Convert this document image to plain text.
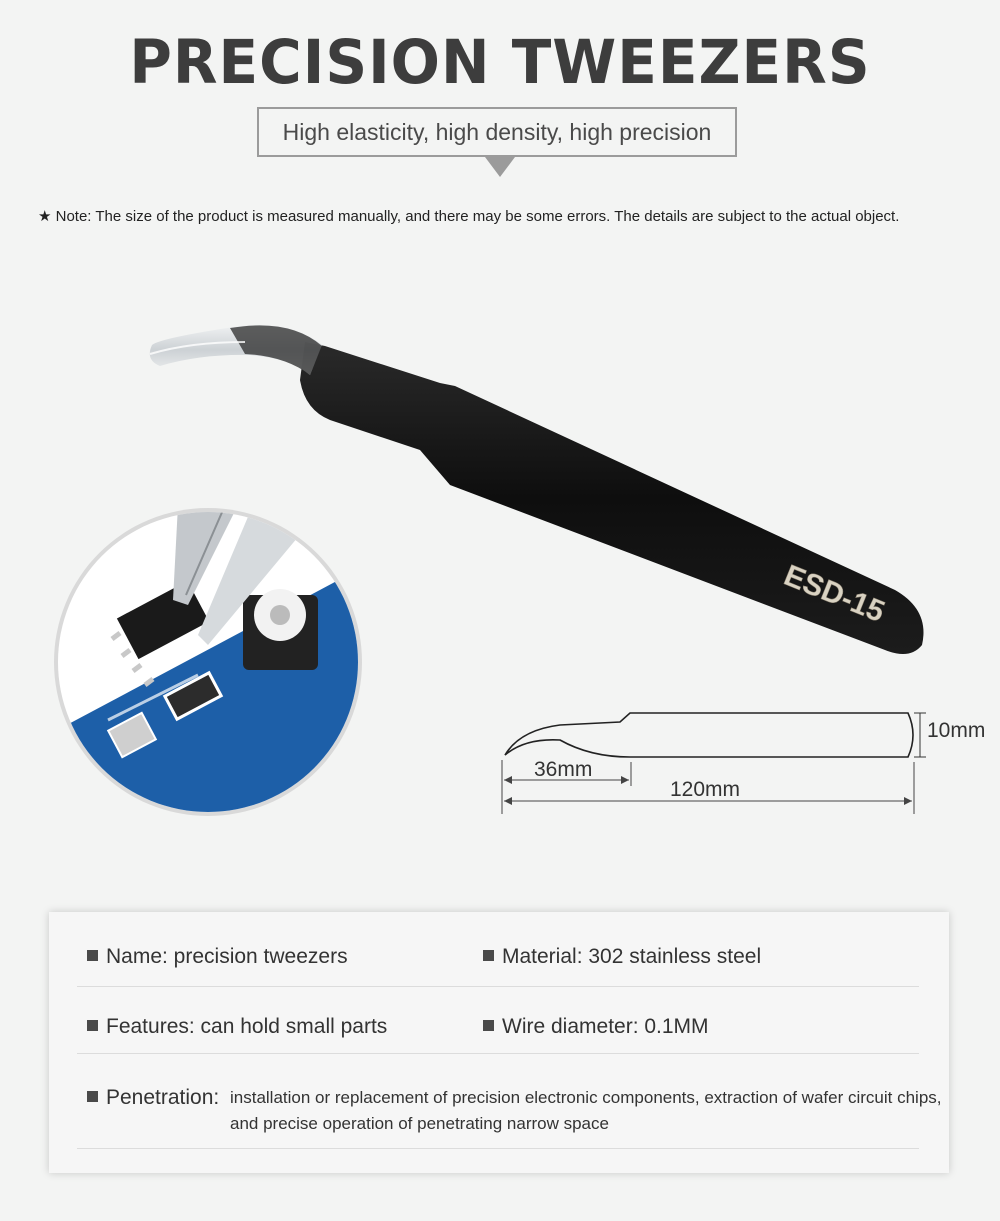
PRECISION TWEEZERS
High elasticity, high density, high precision
★ Note: The size of the product is measured manually, and there may be some errors. The details are subject to the actual object.
ESD-15
10mm
36mm
120mm
Name: precision tweezers	Material: 302 stainless steel
Features: can hold small parts	Wire diameter: 0.1MM
Penetration: installation or replacement of precision electronic components, extraction of wafer circuit chips, and precise operation of penetrating narrow space
